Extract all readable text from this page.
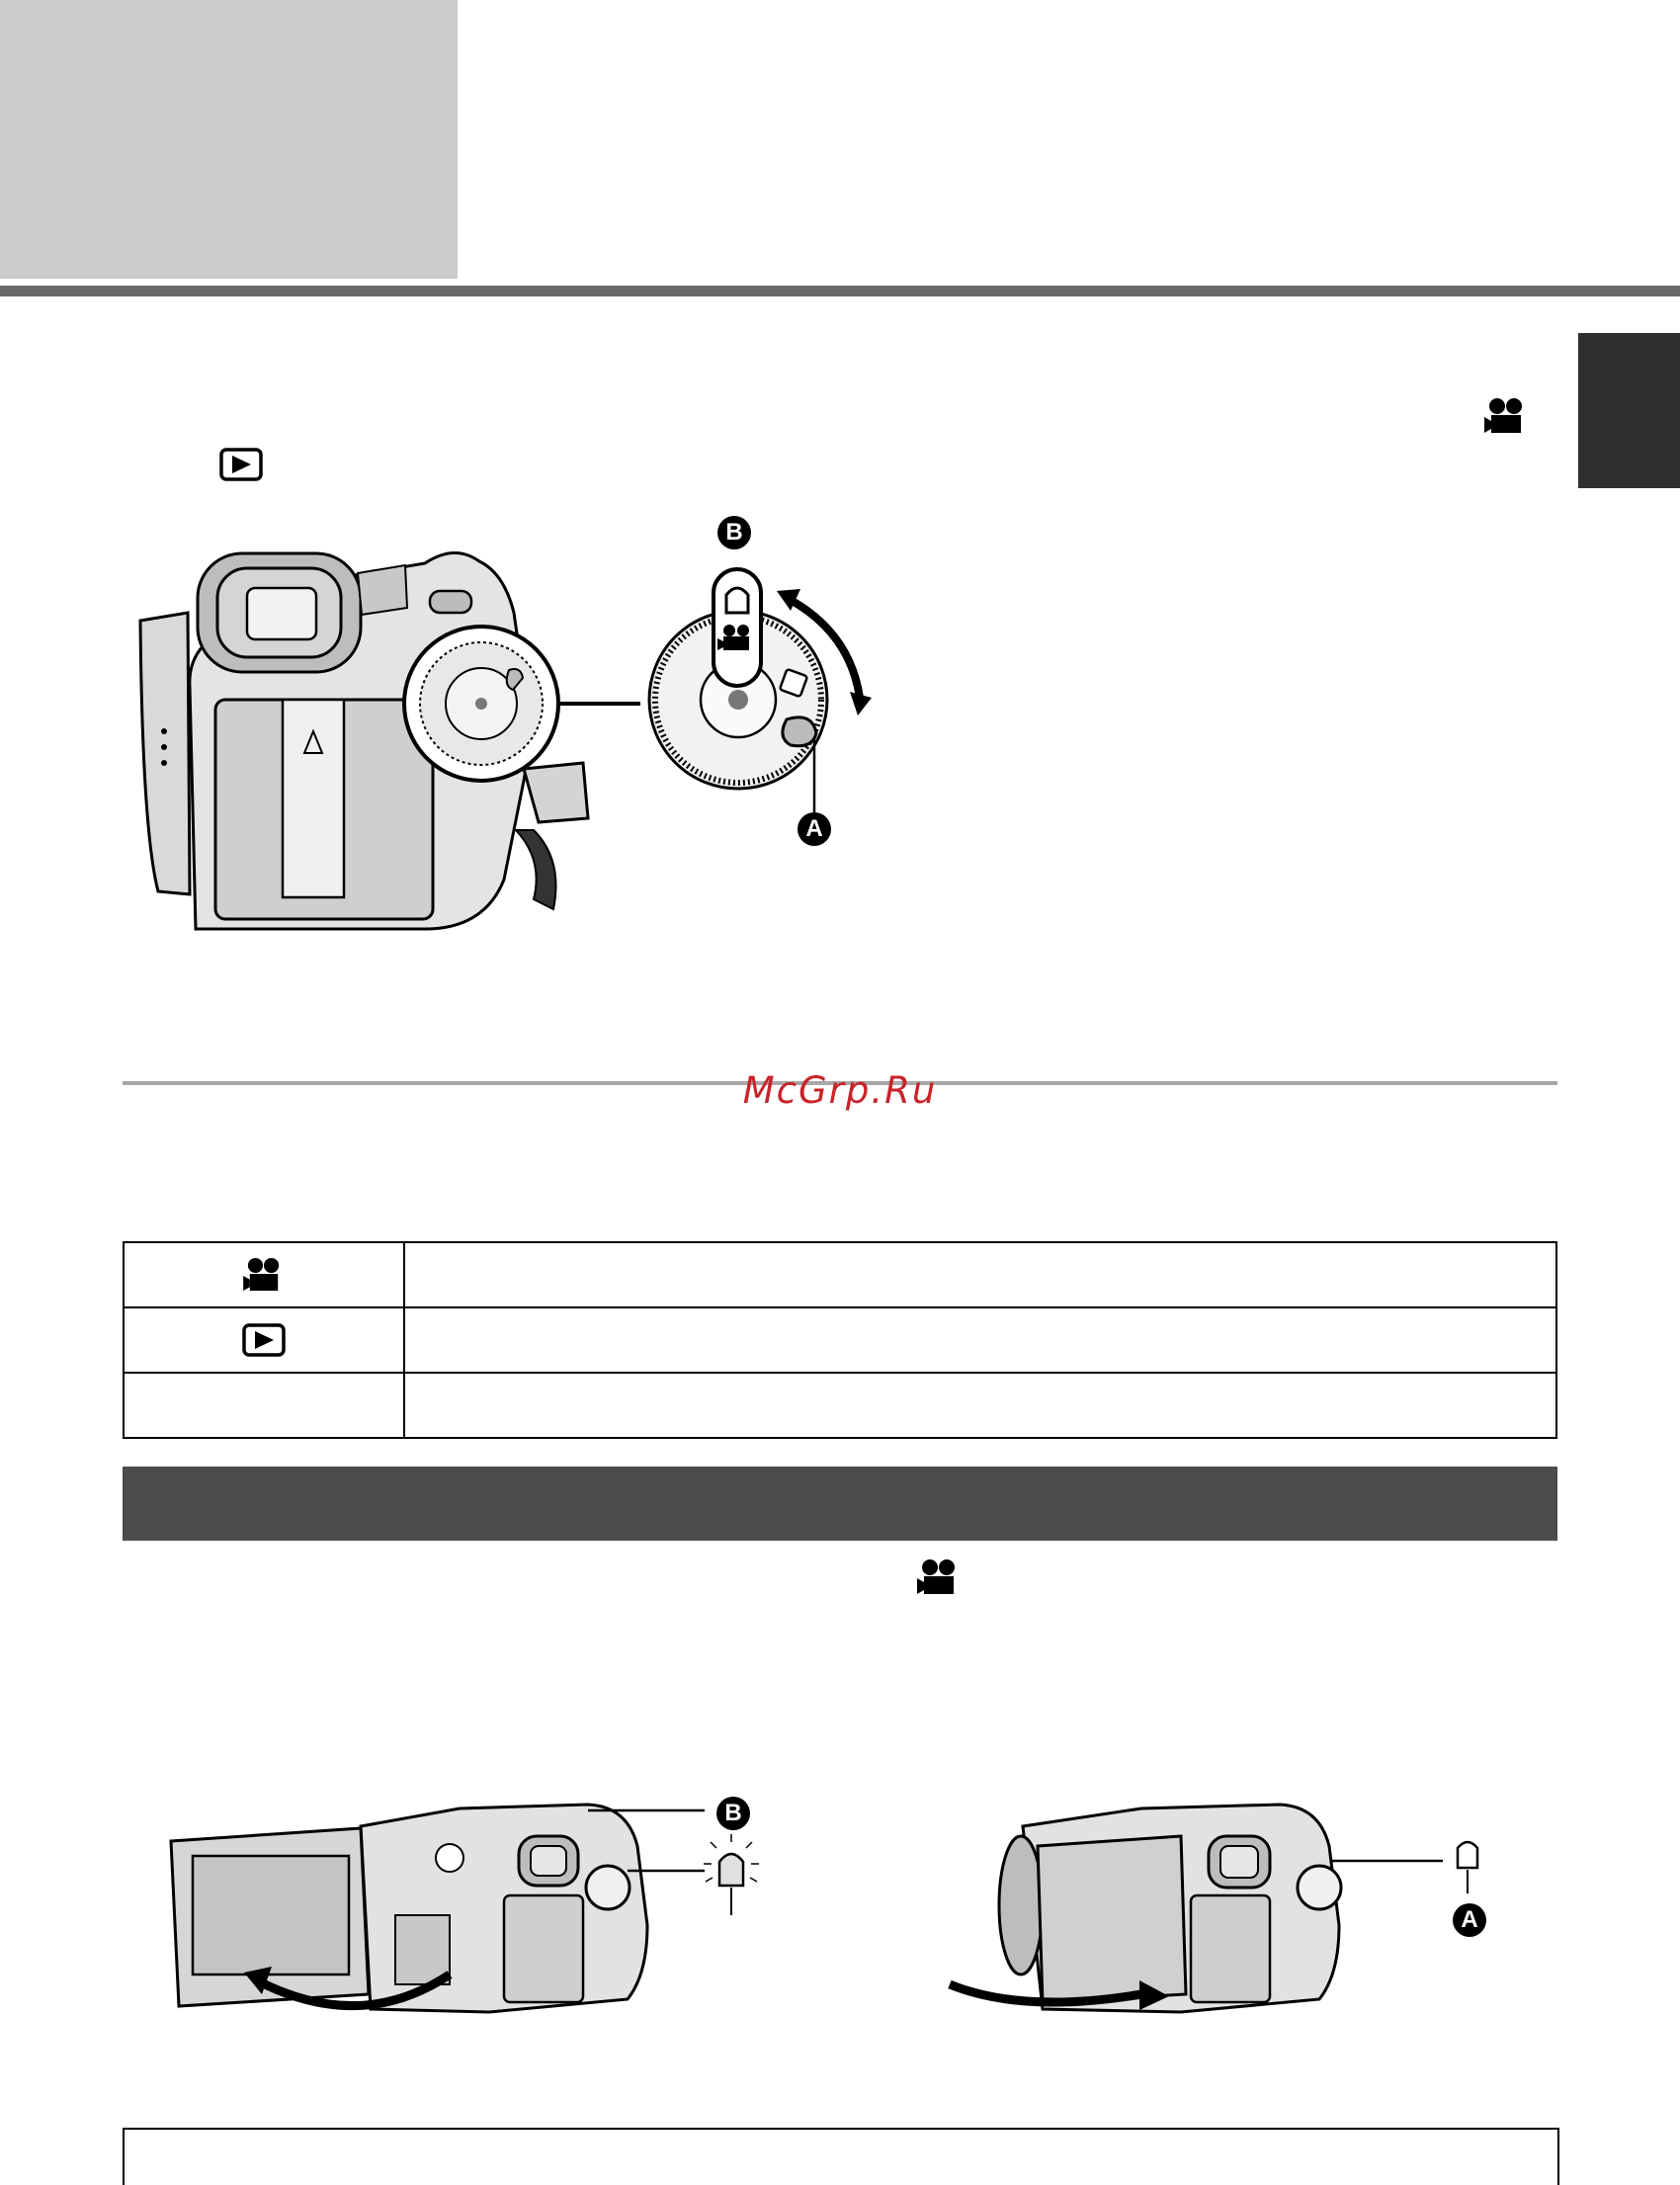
B
A
McGrp.Ru

B
A
